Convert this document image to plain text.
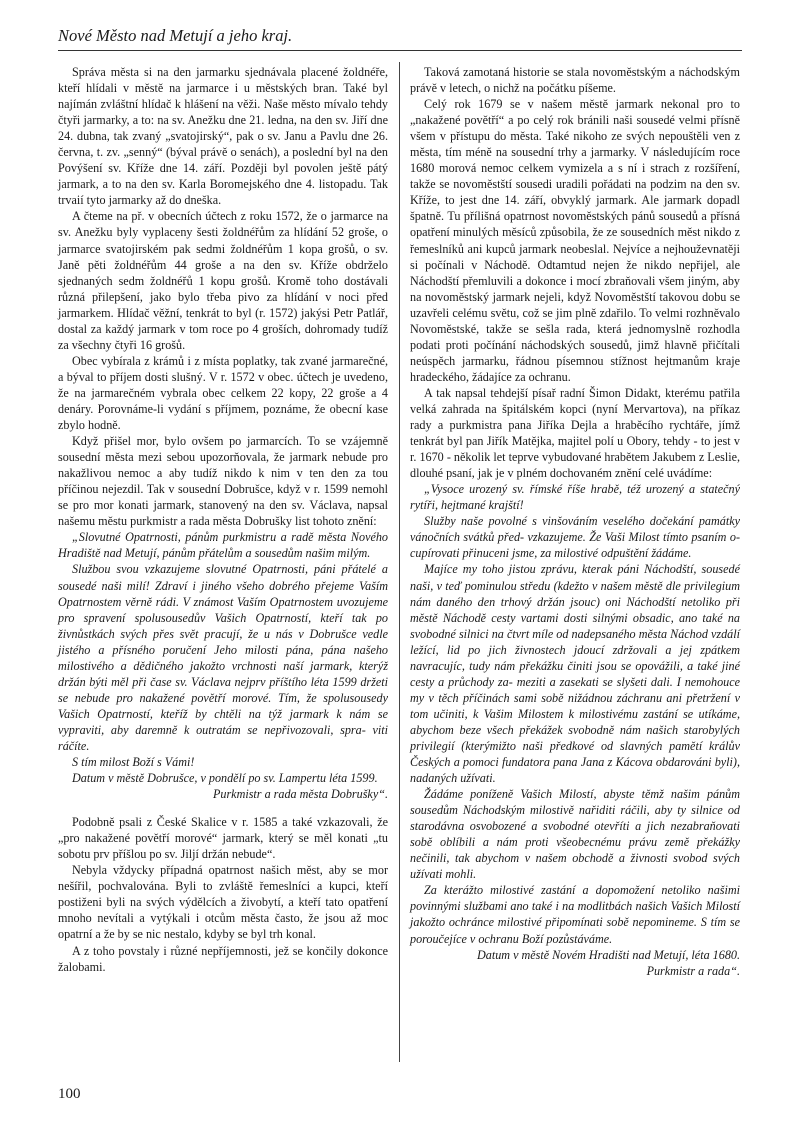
Nové Město nad Metují a jeho kraj.

Správa města si na den jarmarku sjednávala placené žoldnéře, kteří hlídali v městě na jarmarce i u městských bran. Také byl najímán zvláštní hlídač k hlášení na věži. Naše město mívalo tehdy čtyři jarmarky, a to: na sv. Anežku dne 21. ledna, na den sv. Jiří dne 24. dubna, tak zvaný „svatojirský“, pak o sv. Janu a Pavlu dne 26. června, t. zv. „senný“ (býval právě o senách), a poslední byl na den Povýšení sv. Kříže dne 14. září. Později byl povolen ještě pátý jarmark, a to na den sv. Karla Boromejského dne 4. listopadu. Tak trvaií tyto jarmarky až do dneška.

A čteme na př. v obecních účtech z roku 1572, že o jarmarce na sv. Anežku byly vyplaceny šesti žoldnéřům za hlídání 52 groše, o jarmarce svatojirském pak sedmi žoldnéřům 1 kopa grošů, o sv. Janě pěti žoldnéřům 44 groše a na den sv. Kříže obdrželo sjednaných sedm žoldnéřů 1 kopu grošů. Kromě toho dostávali různá přilepšení, jako bylo třeba pivo za hlídání v noci před jarmarkem. Hlídač věžní, tenkrát to byl (r. 1572) jakýsi Petr Patlář, dostal za každý jarmark v tom roce po 4 groších, dohromady tudíž za všechny čtyři 16 grošů.

Obec vybírala z krámů i z místa poplatky, tak zvané jarmarečné, a býval to příjem dosti slušný. V r. 1572 v obec. účtech je uvedeno, že na jarmarečném vybrala obec celkem 22 kopy, 22 groše a 4 denáry. Porovnáme-li vydání s příjmem, poznáme, že obecní kase zbylo hodně.

Když přišel mor, bylo ovšem po jarmarcích. To se vzájemně sousední města mezi sebou upozorňovala, že jarmark nebude pro nakažlivou nemoc a aby tudíž nikdo k nim v ten den za tou příčinou nejezdil. Tak v sousední Dobrušce, když v r. 1599 nemohl se pro mor konati jarmark, stanovený na den sv. Václava, napsal našemu městu purkmistr a rada města Dobrušky list tohoto znění:

„Slovutné Opatrnosti, pánům purkmistru a radě města Nového Hradiště nad Metují, pánům přátelům a sousedům našim milým.

Službou svou vzkazujeme slovutné Opatrnosti, páni přátelé a sousedé naši milí! Zdraví i jiného všeho dobrého přejeme Vaším Opatrnostem věrně rádi. V známost Vaším Opatrnostem uvozujeme pro spravení spolusousedův Vašich Opatrností, kteří tak po živnůstkách svých přes svět pracují, že u nás v Dobrušce vedle jistého a přísného poručení Jeho milosti pána, pána našeho milostivého a dědičného jakožto vrchnosti naší jarmark, kterýž držán býti měl při čase sv. Václava nejprv příštího léta 1599 držeti se nebude pro nakažené povětří morové. Tím, že spolusousedy Vašich Opatrností, kteříž by chtěli na týž jarmark k nám se vypraviti, aby daremně k outratám se nepřivozovali, spra- viti ráčíte.

S tím milost Boží s Vámi!

Datum v městě Dobrušce, v pondělí po sv. Lampertu léta 1599.

Purkmistr a rada města Dobrušky“.

Podobně psali z České Skalice v r. 1585 a také vzkazovali, že „pro nakažené povětří morové“ jarmark, který se měl konati „tu sobotu prv příšlou po sv. Jiljí držán nebude“.

Nebyla vždycky případná opatrnost našich měst, aby se mor nešířil, pochvalována. Byli to zvláště řemeslníci a kupci, kteří postiženi byli na svých výdělcích a živobytí, a kteří tato opatření mnoho nevítali a vytýkali i otcům města často, že jsou až moc opatrní a že by se nic nestalo, kdyby se byl trh konal.

A z toho povstaly i různé nepříjemnosti, jež se končily dokonce žalobami.

Taková zamotaná historie se stala novoměstským a náchodským právě v letech, o nichž na počátku píšeme.

Celý rok 1679 se v našem městě jarmark nekonal pro to „nakažené povětří“ a po celý rok bránili naši sousedé velmi přísně všem v přístupu do města. Také nikoho ze svých nepouštěli ven z města, tím méně na sousední trhy a jarmarky. V následujícím roce 1680 morová nemoc celkem vymizela a s ní i strach z rozšíření, takže se novoměstští sousedi uradili pořádati na podzim na den sv. Kříže, to jest dne 14. září, obvyklý jarmark. Ale jarmark dopadl špatně. Tu přílišná opatrnost novoměstských pánů sousedů a přísná opatření minulých měsíců způsobila, že ze sousedních měst nikdo z řemeslníků ani kupců jarmark neobeslal. Nejvíce a nejhouževnatěji si počínali v Náchodě. Odtamtud nejen že nikdo nepřijel, ale Náchodští přemluvili a dokonce i mocí zbraňovali všem jiným, aby na novoměstský jarmark nejeli, když Novoměstští takovou dobu se uzavřeli celému světu, což se jim plně zdařilo. To velmi rozhněvalo Novoměstské, takže se sešla rada, která jednomyslně rozhodla podati proti počínání náchodských sousedů, jimž hlavně přičítali neúspěch jarmarku, řádnou písemnou stížnost hejtmanům kraje hradeckého, žádajíce za ochranu.

A tak napsal tehdejší písař radní Šimon Didakt, kterému patřila velká zahrada na špitálském kopci (nyní Mervartova), na příkaz rady a purkmistra pana Jiříka Dejla a hraběcího rychtáře, jímž tenkrát byl pan Jiřík Matějka, majitel polí u Obory, tehdy - to jest v r. 1670 - několik let teprve vybudované hrabětem Jakubem z Leslie, dlouhé psaní, jak je v plném dochovaném znění celé uvádíme:

„Vysoce urozený sv. římské říše hrabě, též urozený a statečný rytíři, hejtmané krajští!

Služby naše povolné s vinšováním veselého dočekání památky vánočních svátků před- vzkazujeme. Že Vaši Milost tímto psaním o- cupírovati přinuceni jsme, za milostivé odpuštění žádáme.

Majíce my toho jistou zprávu, kterak páni Náchodští, sousedé naši, v teď pominulou středu (kdežto v našem městě dle privilegium nám daného den trhový držán jsouc) oni Náchodští netoliko při městě Náchodě cesty vartami dosti silnými obsadic, ano také na svobodné silnici na čtvrt míle od nadepsaného města Náchod vzdálí ležící, lid po jich živnostech jdoucí zdržovali a jej zpátkem navracujíc, tudy nám překážku činiti jsou se opovážili, a také jiné cesty a průchody za- meziti a zasekati se slyšeti dali. I nemohouce my v těch příčinách sami sobě nižádnou záchranu ani přetržení v tom učiniti, k Vašim Milostem k milostivému zastání se utíkáme, abychom beze všech překážek svobodně nám našich starobylých privilegií (kterýmižto naši předkové od slavných pamětí králův Českých a pomoci fundatora pana Jana z Kácova obdarováni byli), nadaných užívati.

Žádáme poníženě Vašich Milostí, abyste těmž našim pánům sousedům Náchodským milostivě nařiditi ráčili, aby ty silnice od starodávna osvobozené a svobodné otevříti a jich nezabraňovati sobě oblíbili a nám proti všeobecnému právu země překážky nečinili, tak abychom v našem obchodě a živnosti svobod svých užívati mohli.

Za kterážto milostivé zastání a dopomožení netoliko našimi povinnými službami ano také i na modlitbách našich Vašich Milostí jakožto ochránce milostivé připomínati sobě nepomineme. S tím se poroučejíce v ochranu Boží pozůstáváme.

Datum v městě Novém Hradišti nad Metují, léta 1680.

Purkmistr a rada“.

100
